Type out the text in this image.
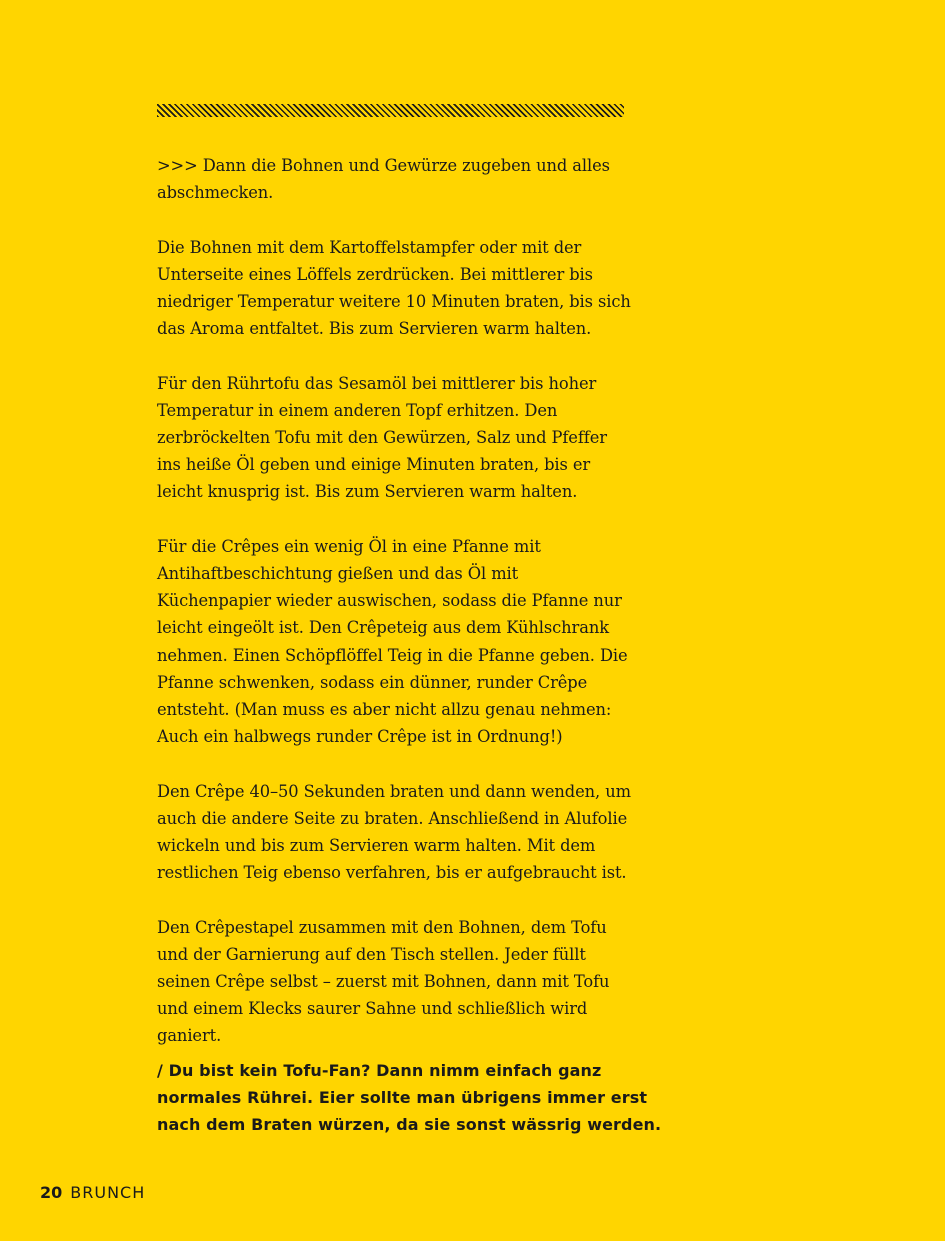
>>> Dann die Bohnen und Gewürze zugeben und alles abschmecken.

Die Bohnen mit dem Kartoffelstampfer oder mit der Unterseite eines Löffels zerdrücken. Bei mittlerer bis niedriger Temperatur weitere 10 Minuten braten, bis sich das Aroma entfaltet. Bis zum Servieren warm halten.

Für den Rührtofu das Sesamöl bei mittlerer bis hoher Temperatur in einem anderen Topf erhitzen. Den zerbröckelten Tofu mit den Gewürzen, Salz und Pfeffer ins heiße Öl geben und einige Minuten braten, bis er leicht knusprig ist. Bis zum Servieren warm halten.

Für die Crêpes ein wenig Öl in eine Pfanne mit Antihaftbeschichtung gießen und das Öl mit Küchenpapier wieder auswischen, sodass die Pfanne nur leicht eingeölt ist. Den Crêpeteig aus dem Kühlschrank nehmen. Einen Schöpflöffel Teig in die Pfanne geben. Die Pfanne schwenken, sodass ein dünner, runder Crêpe entsteht. (Man muss es aber nicht allzu genau nehmen: Auch ein halbwegs runder Crêpe ist in Ordnung!)

Den Crêpe 40–50 Sekunden braten und dann wenden, um auch die andere Seite zu braten. Anschließend in Alufolie wickeln und bis zum Servieren warm halten. Mit dem restlichen Teig ebenso verfahren, bis er aufgebraucht ist.

Den Crêpestapel zusammen mit den Bohnen, dem Tofu und der Garnierung auf den Tisch stellen. Jeder füllt seinen Crêpe selbst – zuerst mit Bohnen, dann mit Tofu und einem Klecks saurer Sahne und schließlich wird ganiert.

/ Du bist kein Tofu-Fan? Dann nimm einfach ganz
normales Rührei. Eier sollte man übrigens immer erst
nach dem Braten würzen, da sie sonst wässrig werden.
20 BRUNCH
